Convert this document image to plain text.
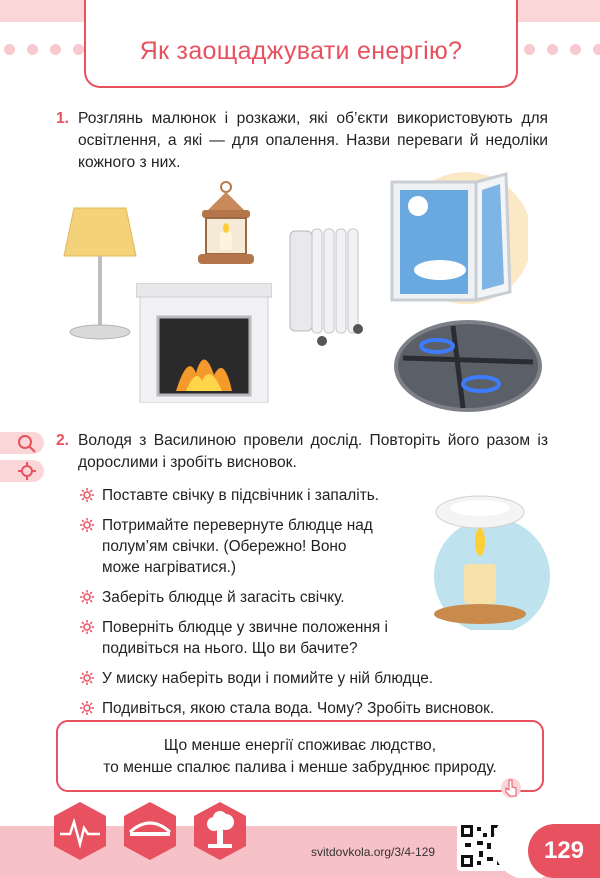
Як заощаджувати енергію?
1. Розглянь малюнок і розкажи, які об’єкти використовують для освітлення, а які — для опалення. Назви переваги й недоліки кожного з них.

2. Володя з Василиною провели дослід. Повторіть його разом із дорослими і зробіть висновок.

Поставте свічку в підсвічник і запаліть.
Потримайте перевернуте блюдце над полум’ям свічки. (Обережно! Воно може нагріватися.)
Заберіть блюдце й загасіть свічку.
Поверніть блюдце у звичне положення і подивіться на нього. Що ви бачите?
У миску наберіть води і помийте у ній блюдце.
Подивіться, якою стала вода. Чому? Зробіть висновок.
Що менше енергії споживає людство,
то менше спалює палива і менше забруднює природу.
svitdovkola.org/3/4-129	129
